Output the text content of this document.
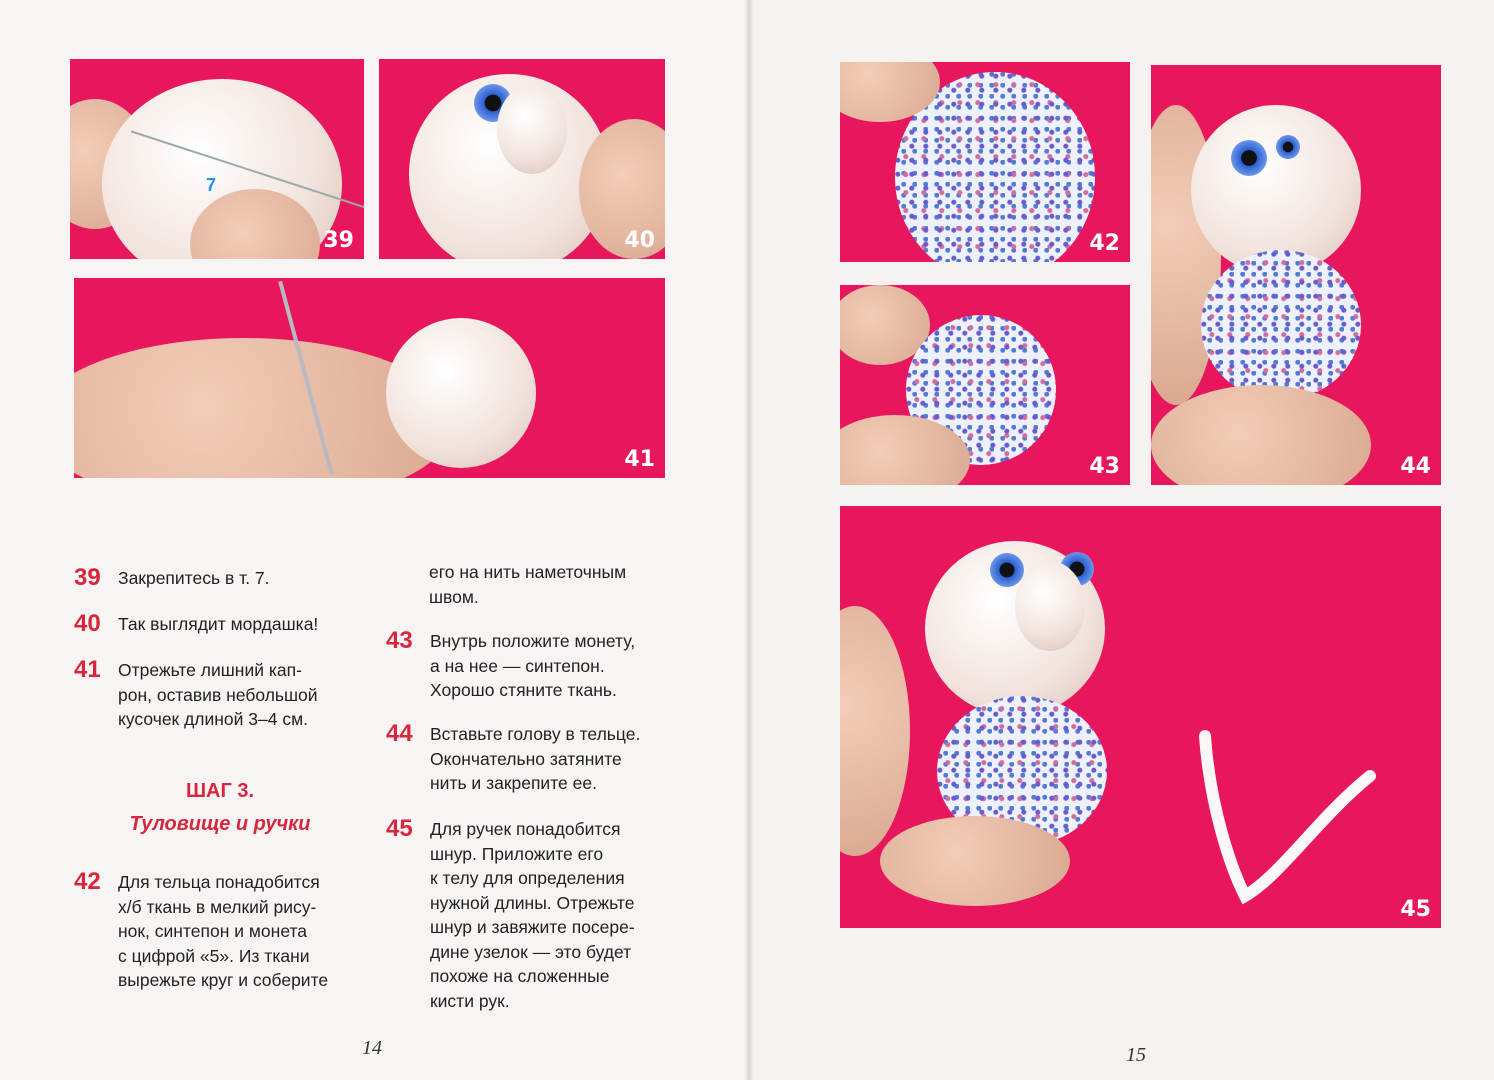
7
39	40
41
42
43	44
45
39 Закрепитесь в т. 7.
40 Так выглядит мордашка!
41 Отрежьте лишний кап-
рон, оставив небольшой
кусочек длиной 3–4 см.
ШАГ 3.
Туловище и ручки
42 Для тельца понадобится
х/б ткань в мелкий рису-
нок, синтепон и монета
с цифрой «5». Из ткани
вырежьте круг и соберите
его на нить наметочным
швом.
43 Внутрь положите монету,
а на нее — синтепон.
Хорошо стяните ткань.
44 Вставьте голову в тельце.
Окончательно затяните
нить и закрепите ее.
45 Для ручек понадобится
шнур. Приложите его
к телу для определения
нужной длины. Отрежьте
шнур и завяжите посере-
дине узелок — это будет
похоже на сложенные
кисти рук.
14	15
